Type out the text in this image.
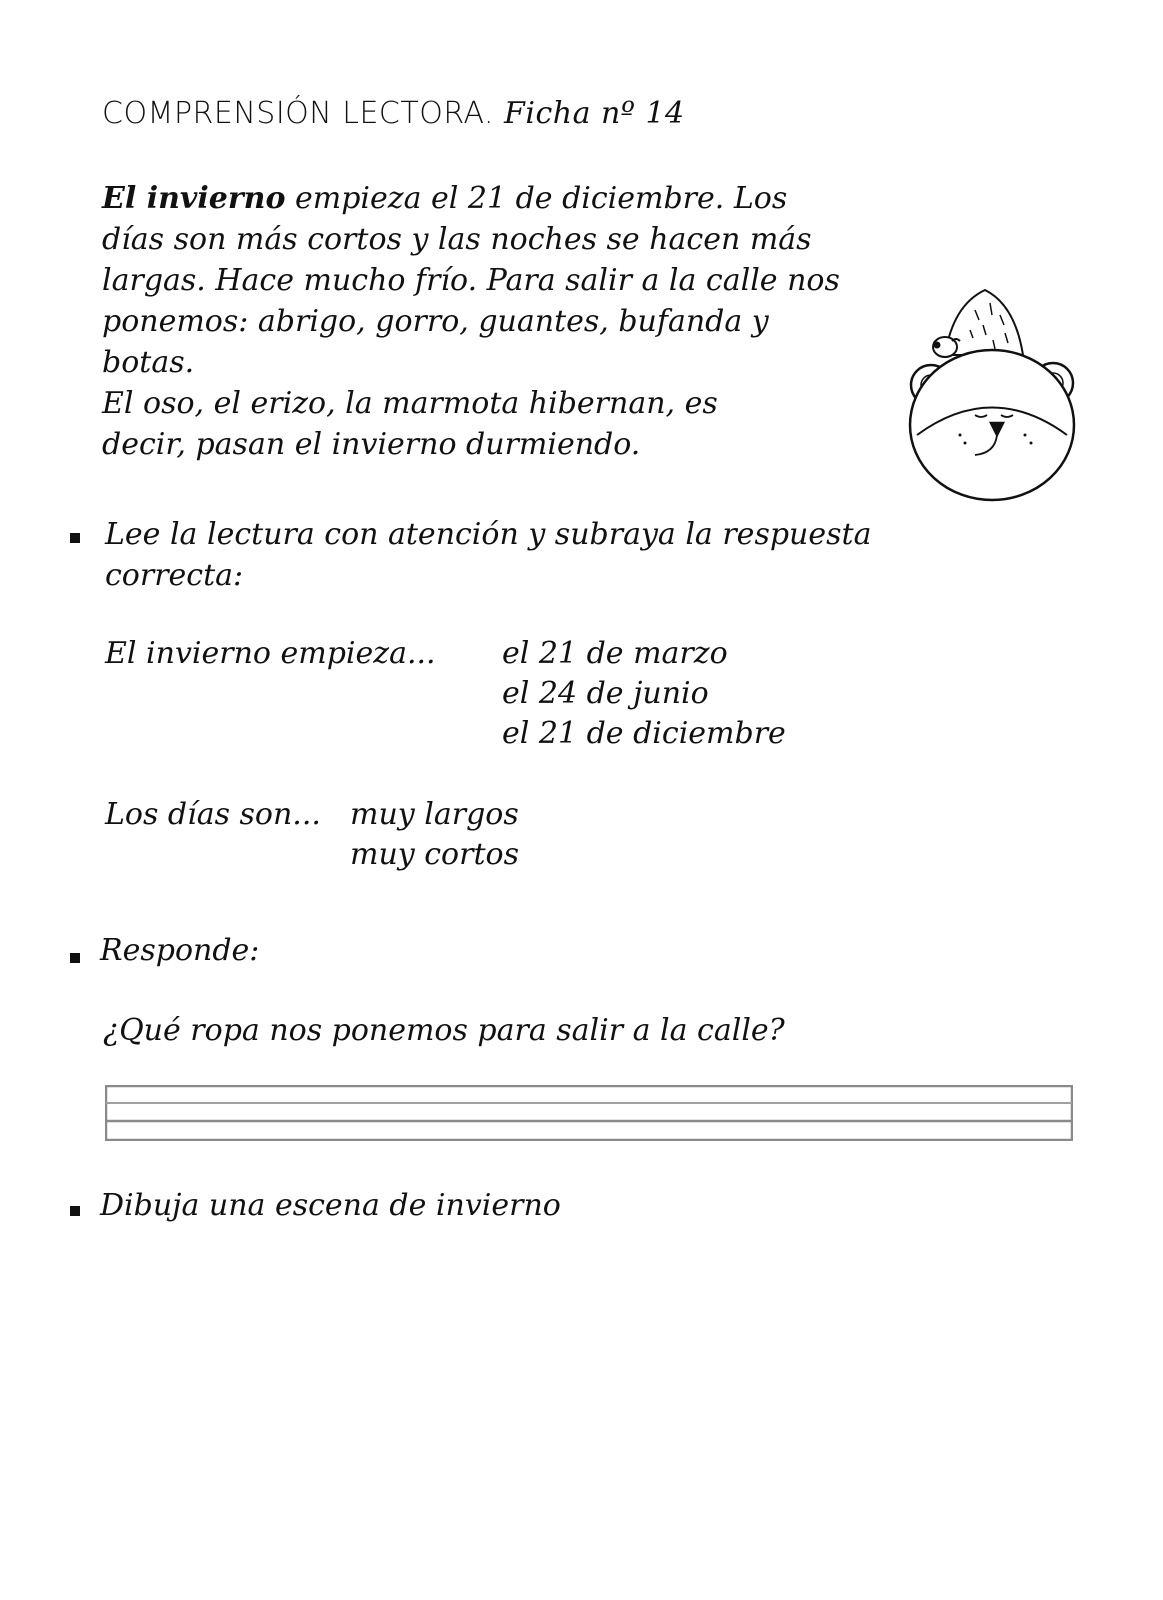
COMPRENSIÓN LECTORA. Ficha nº 14

El invierno empieza el 21 de diciembre. Los

días son más cortos y las noches se hacen más

largas. Hace mucho frío. Para salir a la calle nos

ponemos: abrigo, gorro, guantes, bufanda y

botas.

El oso, el erizo, la marmota hibernan, es

decir, pasan el invierno durmiendo.

Lee la lectura con atención y subraya la respuesta
correcta:
El invierno empieza... el 21 de marzo
el 24 de junio
el 21 de diciembre
Los días son... muy largos
muy cortos
Responde:
¿Qué ropa nos ponemos para salir a la calle?
Dibuja una escena de invierno
